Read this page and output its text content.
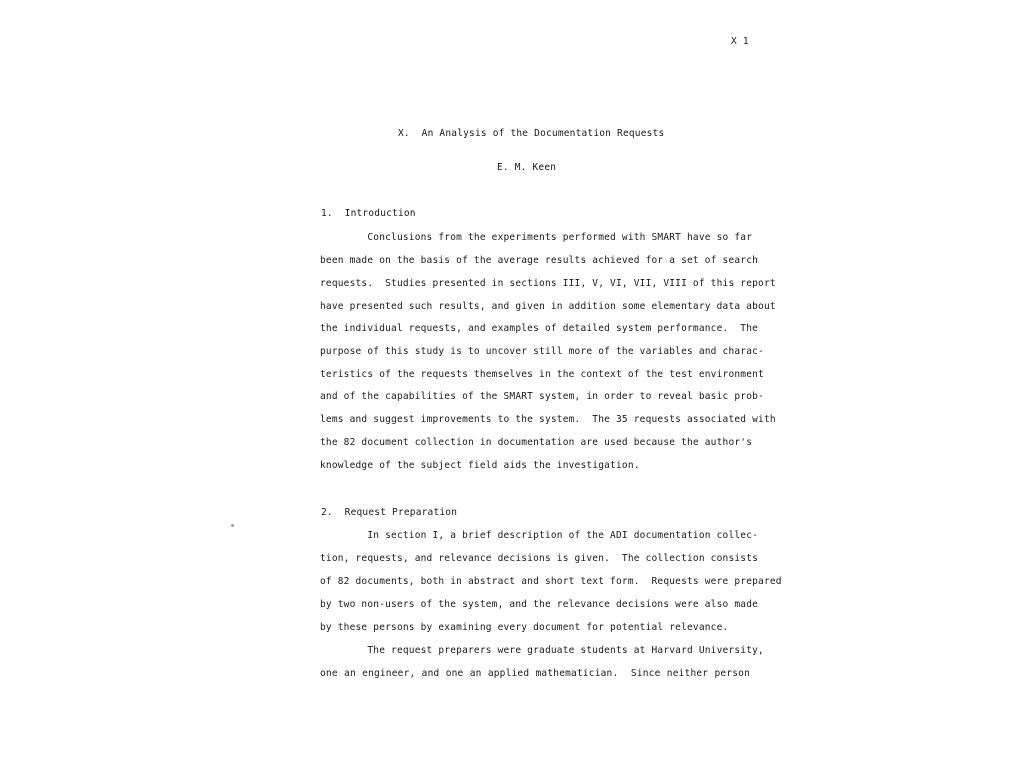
X 1
X.  An Analysis of the Documentation Requests
E. M. Keen
1.  Introduction
Conclusions from the experiments performed with SMART have so far
been made on the basis of the average results achieved for a set of search
requests.  Studies presented in sections III, V, VI, VII, VIII of this report
have presented such results, and given in addition some elementary data about
the individual requests, and examples of detailed system performance.  The
purpose of this study is to uncover still more of the variables and charac-
teristics of the requests themselves in the context of the test environment
and of the capabilities of the SMART system, in order to reveal basic prob-
lems and suggest improvements to the system.  The 35 requests associated with
the 82 document collection in documentation are used because the author's
knowledge of the subject field aids the investigation.
2.  Request Preparation
In section I, a brief description of the ADI documentation collec-
tion, requests, and relevance decisions is given.  The collection consists
of 82 documents, both in abstract and short text form.  Requests were prepared
by two non-users of the system, and the relevance decisions were also made
by these persons by examining every document for potential relevance.
The request preparers were graduate students at Harvard University,
one an engineer, and one an applied mathematician.  Since neither person
